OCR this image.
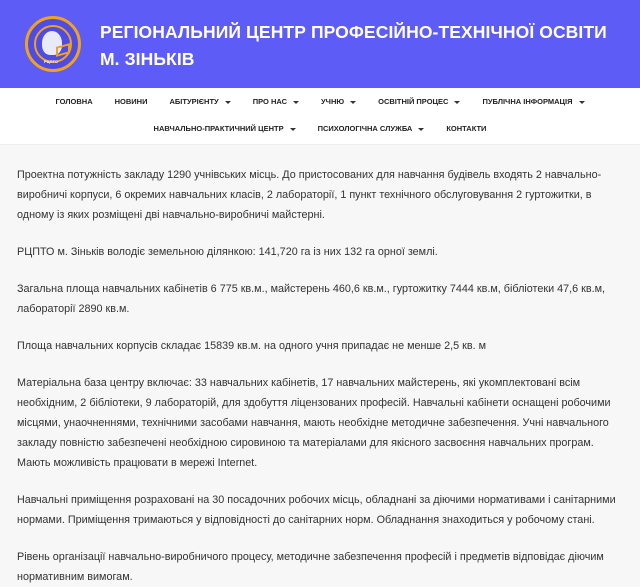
РЦПТО
РЕГІОНАЛЬНИЙ ЦЕНТР ПРОФЕСІЙНО-ТЕХНІЧНОЇ ОСВІТИ
М. ЗІНЬКІВ
ГОЛОВНА	НОВИНИ	АБІТУРІЄНТУ	ПРО НАС	УЧНЮ	ОСВІТНІЙ ПРОЦЕС	ПУБЛІЧНА ІНФОРМАЦІЯ
НАВЧАЛЬНО-ПРАКТИЧНИЙ ЦЕНТР	ПСИХОЛОГІЧНА СЛУЖБА	КОНТАКТИ

Проектна потужність закладу 1290 учнівських місць. До пристосованих для навчання будівель входять 2 навчально-виробничі корпуси, 6 окремих навчальних класів, 2 лабораторії, 1 пункт технічного обслуговування 2 гуртожитки, в одному із яких розміщені дві навчально-виробничі майстерні.

РЦПТО м. Зіньків володіє земельною ділянкою: 141,720 га із них 132 га орної землі.

Загальна площа навчальних кабінетів 6 775 кв.м., майстерень 460,6 кв.м., гуртожитку 7444 кв.м, бібліотеки 47,6 кв.м, лабораторії 2890 кв.м.

Площа навчальних корпусів складає 15839 кв.м. на одного учня припадає не менше 2,5 кв. м

Матеріальна база центру включає: 33 навчальних кабінетів, 17 навчальних майстерень, які укомплектовані всім необхідним, 2 бібліотеки, 9 лабораторій, для здобуття ліцензованих професій. Навчальні кабінети оснащені робочими місцями, унаочненнями, технічними засобами навчання, мають необхідне методичне забезпечення. Учні навчального закладу повністю забезпечені необхідною сировиною та матеріалами для якісного засвоєння навчальних програм. Мають можливість працювати в мережі Internet.

Навчальні приміщення розраховані на 30 посадочних робочих місць, обладнані за діючими нормативами і санітарними нормами. Приміщення тримаються у відповідності до санітарних норм. Обладнання знаходиться у робочому стані.

Рівень організації навчально-виробничого процесу, методичне забезпечення професій і предметів відповідає діючим нормативним вимогам.
